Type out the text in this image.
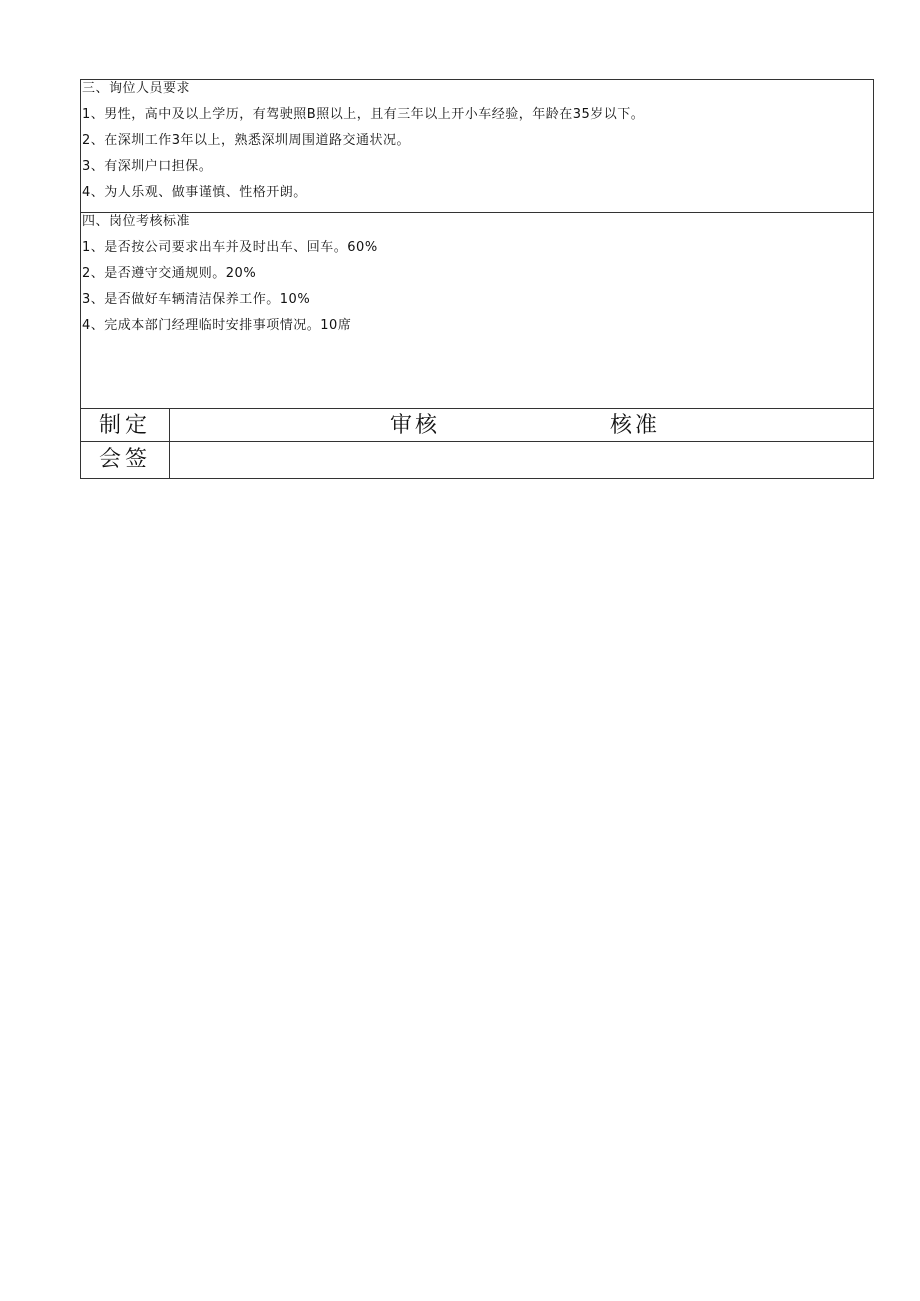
三、询位人员要求
1、男性，高中及以上学历，有驾驶照B照以上，且有三年以上开小车经验，年龄在35岁以下。
2、在深圳工作3年以上，熟悉深圳周围道路交通状况。
3、有深圳户口担保。
4、为人乐观、做事谨慎、性格开朗。
四、岗位考核标准
1、是否按公司要求出车并及时出车、回车。60%
2、是否遵守交通规则。20%
3、是否做好车辆清洁保养工作。10%
4、完成本部门经理临时安排事项情况。10席
制定	审核	核准
会签
